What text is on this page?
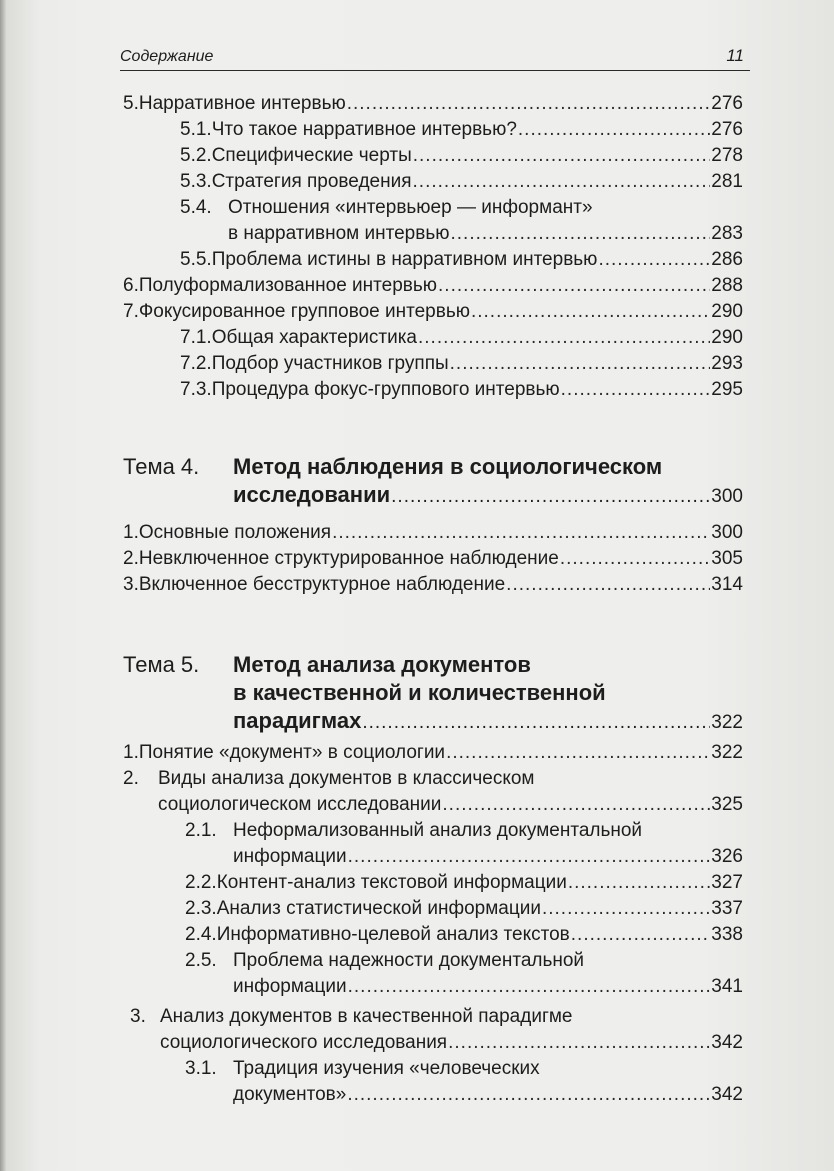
Содержание	11
5. Нарративное интервью .....	276
5.1. Что такое нарративное интервью? .....	276
5.2. Специфические черты .....	278
5.3. Стратегия проведения .....	281
5.4. Отношения «интервьюер — информант»
в нарративном интервью .....	283
5.5. Проблема истины в нарративном интервью .....	286
6. Полуформализованное интервью .....	288
7. Фокусированное групповое интервью .....	290
7.1. Общая характеристика .....	290
7.2. Подбор участников группы .....	293
7.3. Процедура фокус-группового интервью .....	295
Тема 4. Метод наблюдения в социологическом
исследовании .....	300
1. Основные положения .....	300
2. Невключенное структурированное наблюдение .....	305
3. Включенное бесструктурное наблюдение .....	314
Тема 5. Метод анализа документов
в качественной и количественной
парадигмах .....	322
1. Понятие «документ» в социологии .....	322
2. Виды анализа документов в классическом
социологическом исследовании .....	325
2.1. Неформализованный анализ документальной
информации .....	326
2.2. Контент-анализ текстовой информации .....	327
2.3. Анализ статистической информации .....	337
2.4. Информативно-целевой анализ текстов .....	338
2.5. Проблема надежности документальной
информации .....	341
3. Анализ документов в качественной парадигме
социологического исследования .....	342
3.1. Традиция изучения «человеческих
документов» .....	342
